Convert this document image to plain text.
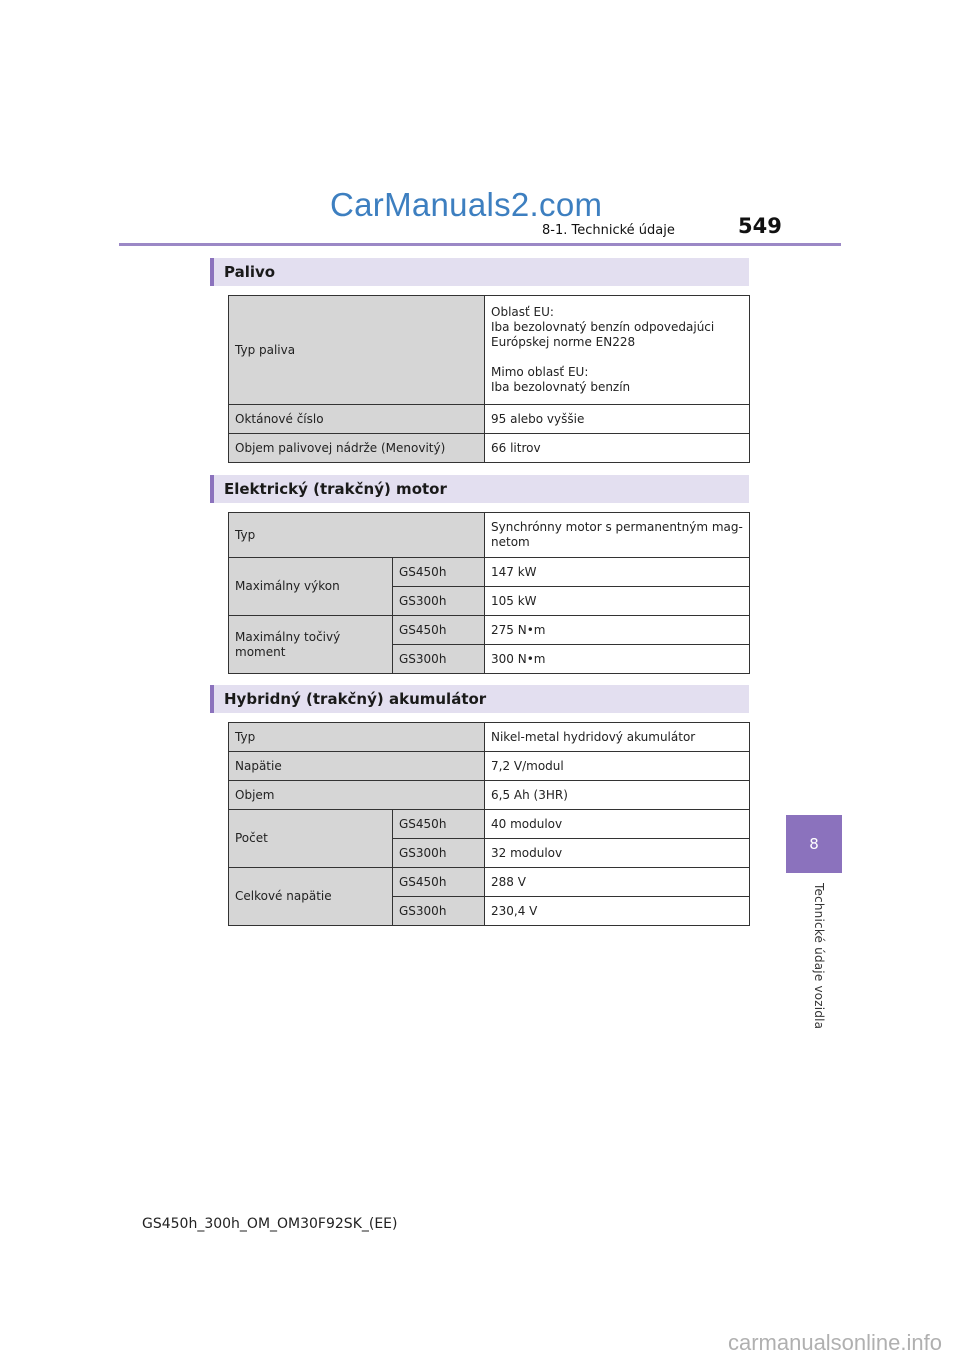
CarManuals2.com
8-1. Technické údaje	549
8
Technické údaje vozidla
Palivo
Typ paliva	Oblasť EU:
Iba bezolovnatý benzín odpovedajúci Európskej norme EN228

Mimo oblasť EU:
Iba bezolovnatý benzín
Oktánové číslo	95 alebo vyššie
Objem palivovej nádrže (Menovitý)	66 litrov
Elektrický (trakčný) motor
Typ		Synchrónny motor s permanentným mag-
netom
Maximálny výkon	GS450h	147 kW
	GS300h	105 kW
Maximálny točivý moment	GS450h	275 N•m
	GS300h	300 N•m
Hybridný (trakčný) akumulátor
Typ		Nikel-metal hydridový akumulátor
Napätie		7,2 V/modul
Objem		6,5 Ah (3HR)
Počet	GS450h	40 modulov
	GS300h	32 modulov
Celkové napätie	GS450h	288 V
	GS300h	230,4 V
GS450h_300h_OM_OM30F92SK_(EE)
carmanualsonline.info
